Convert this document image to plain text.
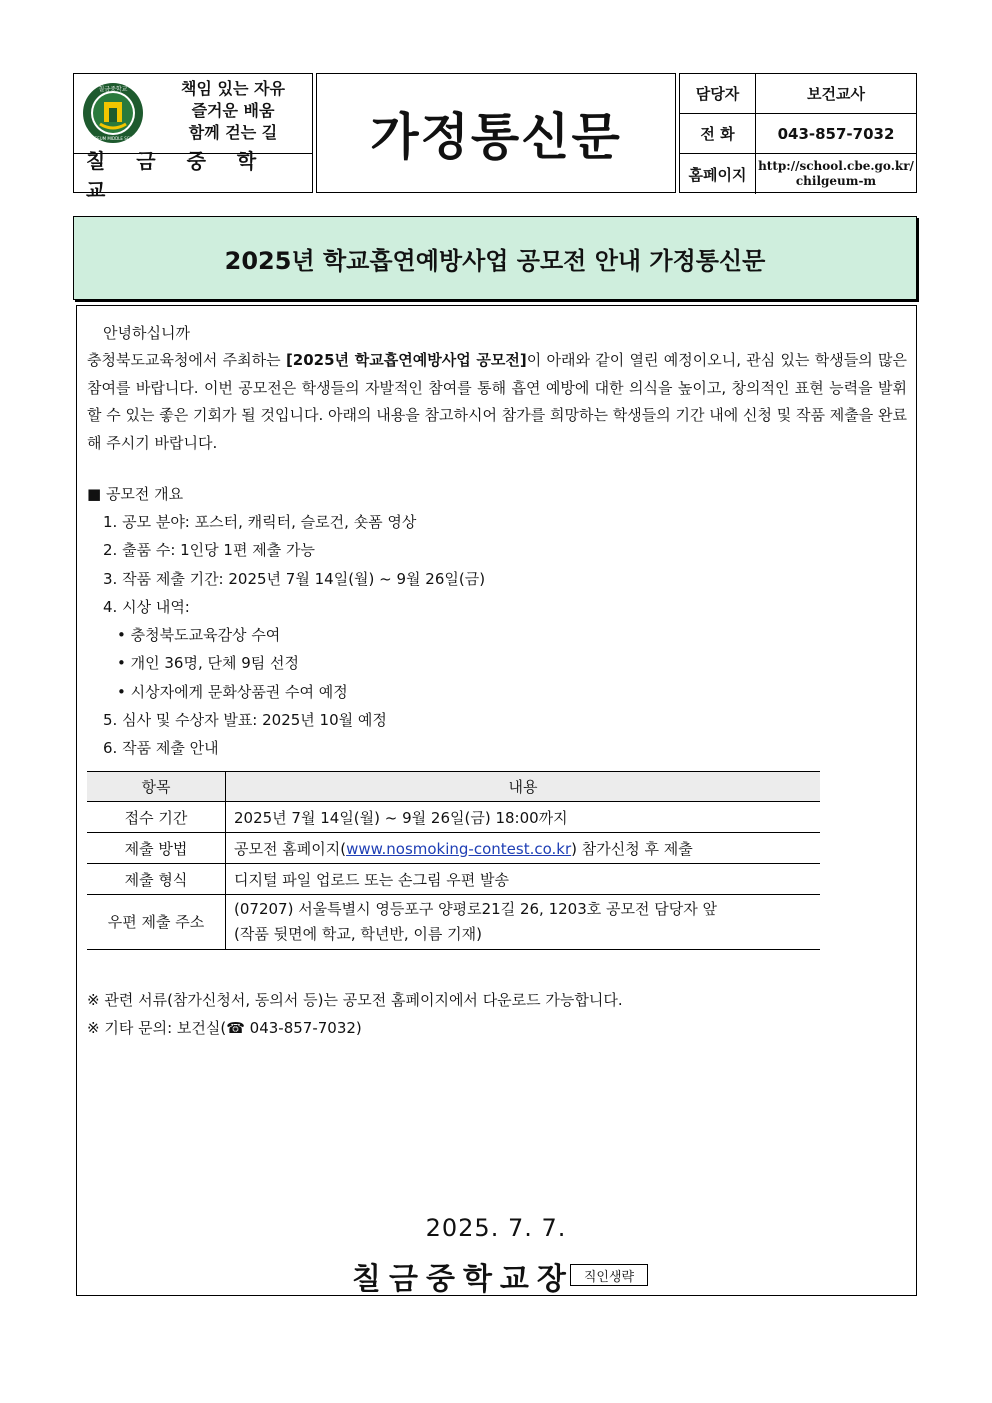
칠금중학교
CHILGEUM MIDDLE SCHOOL
책임 있는 자유
즐거운 배움
함께 걷는 길
칠 금 중 학 교
가정통신문
담당자	보건교사
전 화	043-857-7032
홈페이지 http://school.cbe.go.kr/ chilgeum-m
2025년 학교흡연예방사업 공모전 안내 가정통신문
안녕하십니까
충청북도교육청에서 주최하는 [2025년 학교흡연예방사업 공모전]이 아래와 같이 열린 예정이오니, 관심 있는 학생들의 많은 참여를 바랍니다. 이번 공모전은 학생들의 자발적인 참여를 통해 흡연 예방에 대한 의식을 높이고, 창의적인 표현 능력을 발휘할 수 있는 좋은 기회가 될 것입니다. 아래의 내용을 참고하시어 참가를 희망하는 학생들의 기간 내에 신청 및 작품 제출을 완료해 주시기 바랍니다.
■ 공모전 개요
1. 공모 분야: 포스터, 캐릭터, 슬로건, 숏폼 영상
2. 출품 수: 1인당 1편 제출 가능
3. 작품 제출 기간: 2025년 7월 14일(월) ~ 9월 26일(금)
4. 시상 내역:
• 충청북도교육감상 수여
• 개인 36명, 단체 9팀 선정
• 시상자에게 문화상품권 수여 예정
5. 심사 및 수상자 발표: 2025년 10월 예정
6. 작품 제출 안내
항목	내용
접수 기간	2025년 7월 14일(월) ~ 9월 26일(금) 18:00까지
제출 방법	공모전 홈페이지(www.nosmoking-contest.co.kr) 참가신청 후 제출
제출 형식	디지털 파일 업로드 또는 손그림 우편 발송
우편 제출 주소	(07207) 서울특별시 영등포구 양평로21길 26, 1203호 공모전 담당자 앞
(작품 뒷면에 학교, 학년반, 이름 기재)
※ 관련 서류(참가신청서, 동의서 등)는 공모전 홈페이지에서 다운로드 가능합니다.
※ 기타 문의: 보건실(☎ 043-857-7032)
2025. 7. 7.
칠금중학교장 직인생략
